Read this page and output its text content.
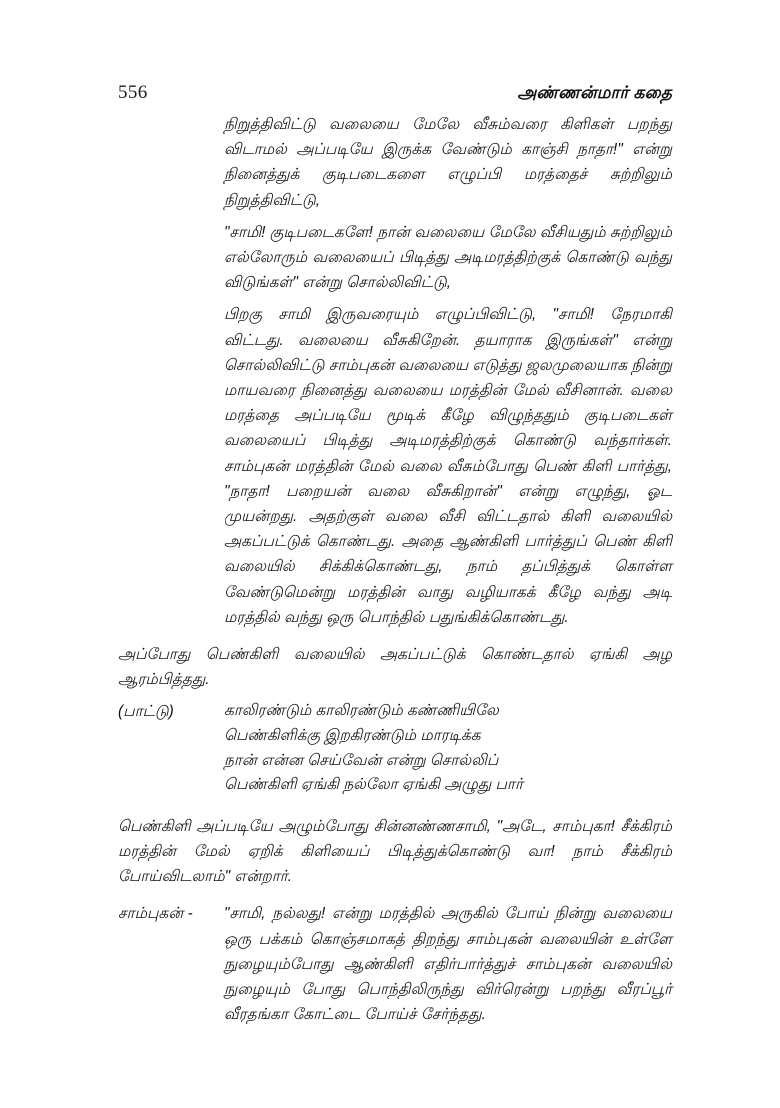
556	அண்ணன்மார் கதை

நிறுத்திவிட்டு வலையை மேலே வீசும்வரை கிளிகள் பறந்து விடாமல் அப்படியே இருக்க வேண்டும் காஞ்சி நாதா!" என்று நினைத்துக் குடிபடைகளை எழுப்பி மரத்தைச் சுற்றிலும் நிறுத்திவிட்டு,

"சாமி! குடிபடைகளே! நான் வலையை மேலே வீசியதும் சுற்றிலும் எல்லோரும் வலையைப் பிடித்து அடிமரத்திற்குக் கொண்டு வந்து விடுங்கள்" என்று சொல்லிவிட்டு,

பிறகு சாமி இருவரையும் எழுப்பிவிட்டு, "சாமி! நேரமாகி விட்டது. வலையை வீசுகிறேன். தயாராக இருங்கள்" என்று சொல்லிவிட்டு சாம்புகன் வலையை எடுத்து ஜலமுலையாக நின்று மாயவரை நினைத்து வலையை மரத்தின் மேல் வீசினான். வலை மரத்தை அப்படியே மூடிக் கீழே விழுந்ததும் குடிபடைகள் வலையைப் பிடித்து அடிமரத்திற்குக் கொண்டு வந்தார்கள். சாம்புகன் மரத்தின் மேல் வலை வீசும்போது பெண் கிளி பார்த்து, "நாதா! பறையன் வலை வீசுகிறான்" என்று எழுந்து, ஓட முயன்றது. அதற்குள் வலை வீசி விட்டதால் கிளி வலையில் அகப்பட்டுக் கொண்டது. அதை ஆண்கிளி பார்த்துப் பெண் கிளி வலையில் சிக்கிக்கொண்டது, நாம் தப்பித்துக் கொள்ள வேண்டுமென்று மரத்தின் வாது வழியாகக் கீழே வந்து அடி மரத்தில் வந்து ஒரு பொந்தில் பதுங்கிக்கொண்டது.

அப்போது பெண்கிளி வலையில் அகப்பட்டுக் கொண்டதால் ஏங்கி அழ ஆரம்பித்தது.

(பாட்டு)	காலிரண்டும் காலிரண்டும் கண்ணியிலே
பெண்கிளிக்கு இறகிரண்டும் மாரடிக்க
நான் என்ன செய்வேன் என்று சொல்லிப்
பெண்கிளி ஏங்கி நல்லோ ஏங்கி அழுது பார்

பெண்கிளி அப்படியே அழும்போது சின்னண்ணசாமி, "அடே, சாம்புகா! சீக்கிரம் மரத்தின் மேல் ஏறிக் கிளியைப் பிடித்துக்கொண்டு வா! நாம் சீக்கிரம் போய்விடலாம்" என்றார்.

சாம்புகன் -	"சாமி, நல்லது! என்று மரத்தில் அருகில் போய் நின்று வலையை ஒரு பக்கம் கொஞ்சமாகத் திறந்து சாம்புகன் வலையின் உள்ளே நுழையும்போது ஆண்கிளி எதிர்பார்த்துச் சாம்புகன் வலையில் நுழையும் போது பொந்திலிருந்து விர்ரென்று பறந்து வீரப்பூர் வீரதங்கா கோட்டை போய்ச் சேர்ந்தது.
